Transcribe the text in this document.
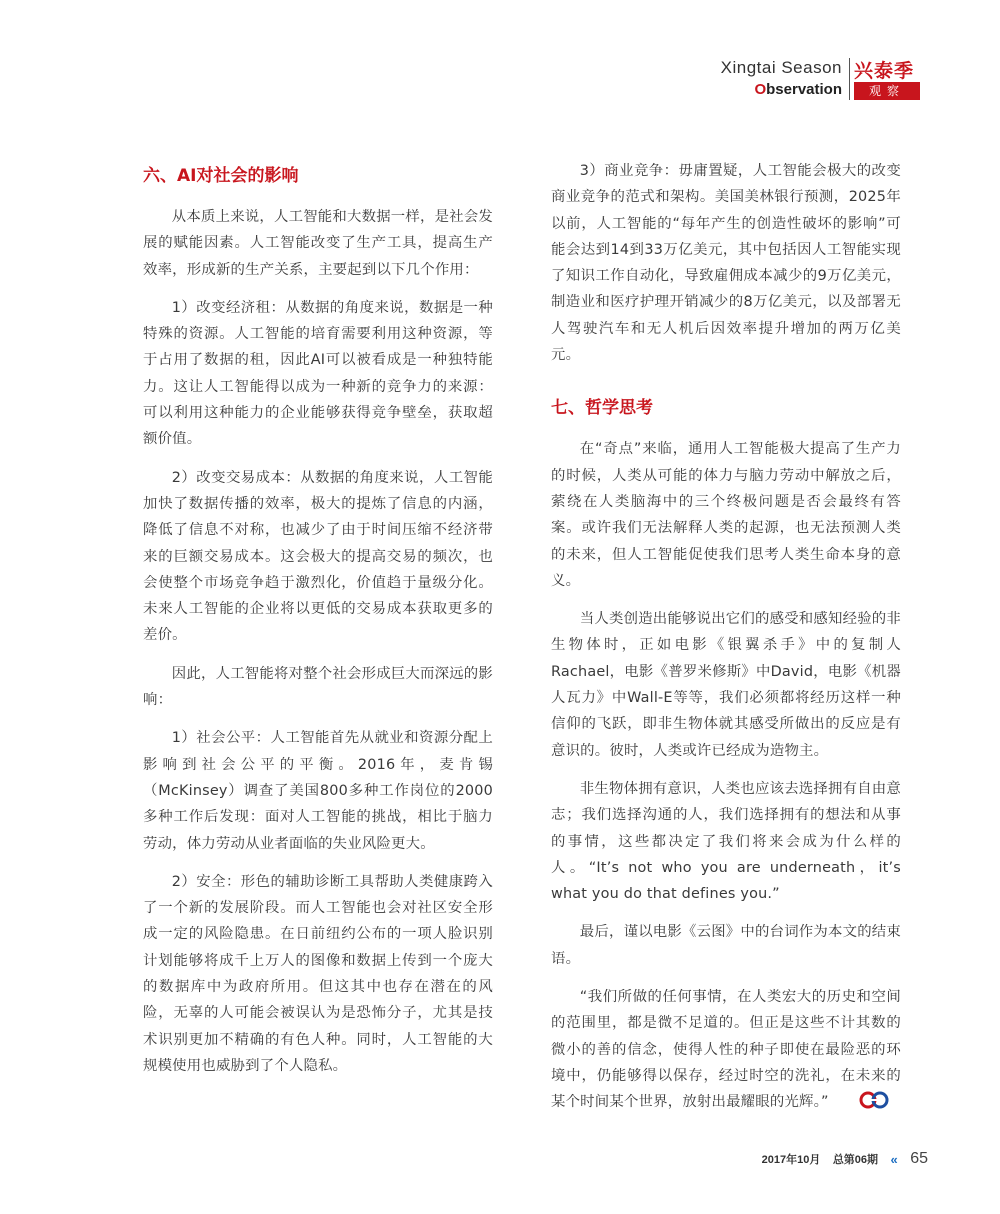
Xingtai Season
Observation
兴泰季
观察
六、AI对社会的影响

从本质上来说，人工智能和大数据一样，是社会发展的赋能因素。人工智能改变了生产工具，提高生产效率，形成新的生产关系，主要起到以下几个作用：

1）改变经济租：从数据的角度来说，数据是一种特殊的资源。人工智能的培育需要利用这种资源，等于占用了数据的租，因此AI可以被看成是一种独特能力。这让人工智能得以成为一种新的竞争力的来源：可以利用这种能力的企业能够获得竞争壁垒，获取超额价值。

2）改变交易成本：从数据的角度来说，人工智能加快了数据传播的效率，极大的提炼了信息的内涵，降低了信息不对称，也减少了由于时间压缩不经济带来的巨额交易成本。这会极大的提高交易的频次，也会使整个市场竞争趋于激烈化，价值趋于量级分化。未来人工智能的企业将以更低的交易成本获取更多的差价。

因此，人工智能将对整个社会形成巨大而深远的影响：

1）社会公平：人工智能首先从就业和资源分配上影响到社会公平的平衡。2016年，麦肯锡（McKinsey）调查了美国800多种工作岗位的2000多种工作后发现：面对人工智能的挑战，相比于脑力劳动，体力劳动从业者面临的失业风险更大。

2）安全：形色的辅助诊断工具帮助人类健康跨入了一个新的发展阶段。而人工智能也会对社区安全形成一定的风险隐患。在日前纽约公布的一项人脸识别计划能够将成千上万人的图像和数据上传到一个庞大的数据库中为政府所用。但这其中也存在潜在的风险，无辜的人可能会被误认为是恐怖分子，尤其是技术识别更加不精确的有色人种。同时，人工智能的大规模使用也威胁到了个人隐私。

3）商业竞争：毋庸置疑，人工智能会极大的改变商业竞争的范式和架构。美国美林银行预测，2025年以前，人工智能的“每年产生的创造性破坏的影响”可能会达到14到33万亿美元，其中包括因人工智能实现了知识工作自动化，导致雇佣成本减少的9万亿美元，制造业和医疗护理开销减少的8万亿美元，以及部署无人驾驶汽车和无人机后因效率提升增加的两万亿美元。

七、哲学思考

在“奇点”来临，通用人工智能极大提高了生产力的时候，人类从可能的体力与脑力劳动中解放之后，萦绕在人类脑海中的三个终极问题是否会最终有答案。或许我们无法解释人类的起源，也无法预测人类的未来，但人工智能促使我们思考人类生命本身的意义。

当人类创造出能够说出它们的感受和感知经验的非生物体时，正如电影《银翼杀手》中的复制人Rachael，电影《普罗米修斯》中David，电影《机器人瓦力》中Wall-E等等，我们必须都将经历这样一种信仰的飞跃，即非生物体就其感受所做出的反应是有意识的。彼时，人类或许已经成为造物主。

非生物体拥有意识，人类也应该去选择拥有自由意志；我们选择沟通的人，我们选择拥有的想法和从事的事情，这些都决定了我们将来会成为什么样的人。“It’s not who you are underneath，it’s what you do that defines you.”

最后，谨以电影《云图》中的台词作为本文的结束语。

“我们所做的任何事情，在人类宏大的历史和空间的范围里，都是微不足道的。但正是这些不计其数的微小的善的信念，使得人性的种子即使在最险恶的环境中，仍能够得以保存，经过时空的洗礼，在未来的某个时间某个世界，放射出最耀眼的光辉。”

2017年10月 总第06期 « 65
